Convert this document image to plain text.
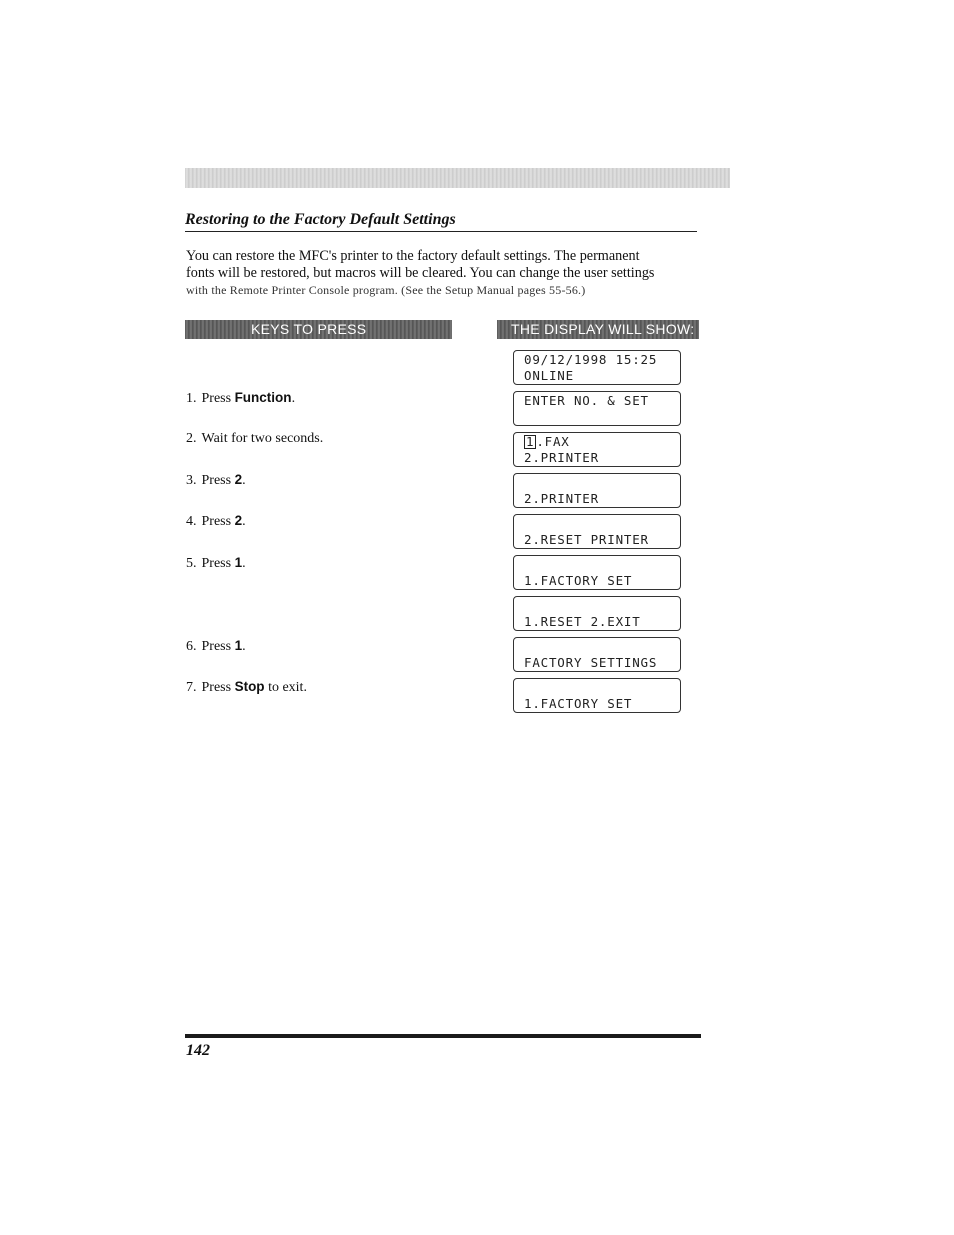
Restoring to the Factory Default Settings

You can restore the MFC's printer to the factory default settings. The permanent

fonts will be restored, but macros will be cleared. You can change the user settings

with the Remote Printer Console program. (See the Setup Manual pages 55-56.)

KEYS TO PRESS	THE DISPLAY WILL SHOW:
1. Press Function.
2. Wait for two seconds.
3. Press 2.
4. Press 2.
5. Press 1.
6. Press 1.
7. Press Stop to exit.
09/12/1998 15:25
ONLINE
ENTER NO. & SET
1 .FAX
2.PRINTER
2.PRINTER
2.RESET PRINTER
1.FACTORY SET
1.RESET 2.EXIT
FACTORY SETTINGS
1.FACTORY SET
142
